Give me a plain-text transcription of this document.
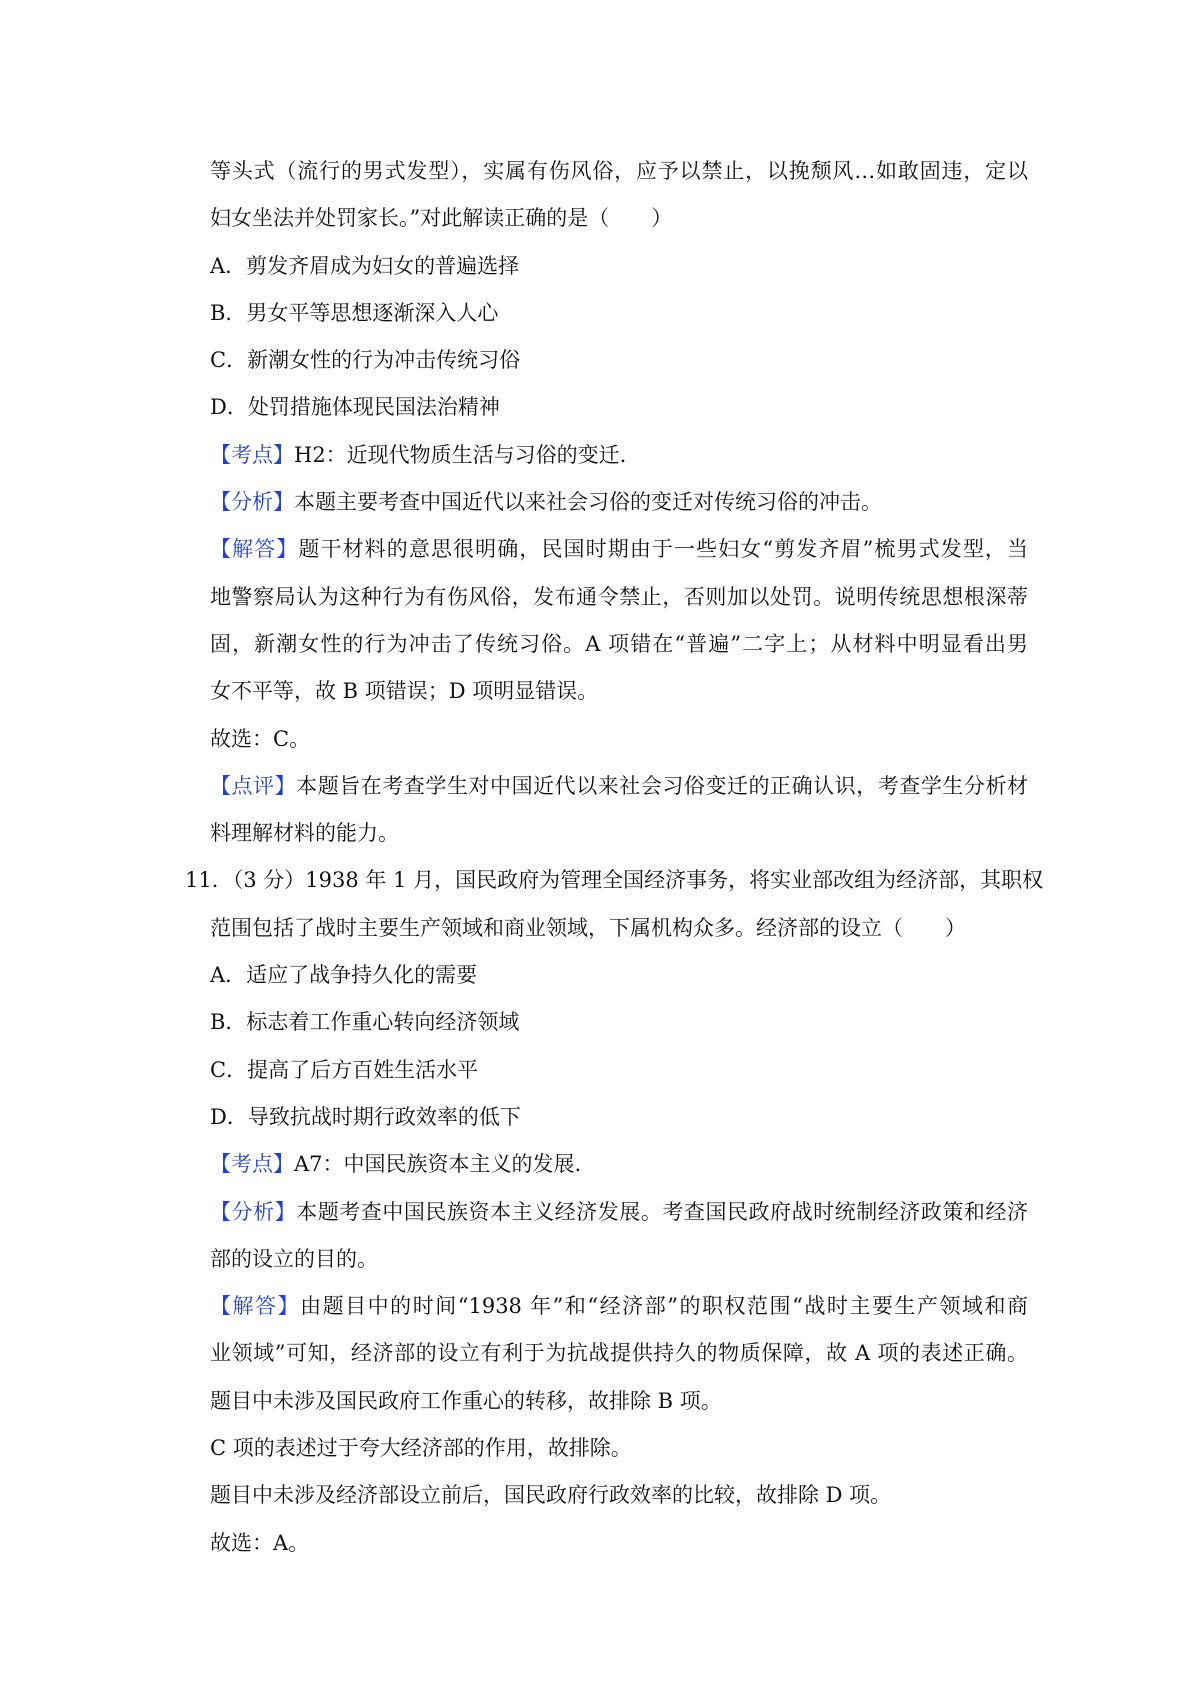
等头式（流行的男式发型），实属有伤风俗，应予以禁止，以挽颓风…如敢固违，定以
妇女坐法并处罚家长。”对此解读正确的是（　　）
A．剪发齐眉成为妇女的普遍选择
B．男女平等思想逐渐深入人心
C．新潮女性的行为冲击传统习俗
D．处罚措施体现民国法治精神
【考点】H2：近现代物质生活与习俗的变迁.
【分析】本题主要考查中国近代以来社会习俗的变迁对传统习俗的冲击。
【解答】题干材料的意思很明确，民国时期由于一些妇女“剪发齐眉”梳男式发型，当
地警察局认为这种行为有伤风俗，发布通令禁止，否则加以处罚。说明传统思想根深蒂
固，新潮女性的行为冲击了传统习俗。A 项错在“普遍”二字上；从材料中明显看出男
女不平等，故 B 项错误；D 项明显错误。
故选：C。
【点评】本题旨在考查学生对中国近代以来社会习俗变迁的正确认识，考查学生分析材
料理解材料的能力。
11．（3 分）1938 年 1 月，国民政府为管理全国经济事务，将实业部改组为经济部，其职权
范围包括了战时主要生产领域和商业领域，下属机构众多。经济部的设立（　　）
A．适应了战争持久化的需要
B．标志着工作重心转向经济领域
C．提高了后方百姓生活水平
D．导致抗战时期行政效率的低下
【考点】A7：中国民族资本主义的发展.
【分析】本题考查中国民族资本主义经济发展。考查国民政府战时统制经济政策和经济
部的设立的目的。
【解答】由题目中的时间“1938 年”和“经济部”的职权范围“战时主要生产领域和商
业领域”可知，经济部的设立有利于为抗战提供持久的物质保障，故 A 项的表述正确。
题目中未涉及国民政府工作重心的转移，故排除 B 项。
C 项的表述过于夸大经济部的作用，故排除。
题目中未涉及经济部设立前后，国民政府行政效率的比较，故排除 D 项。
故选：A。
